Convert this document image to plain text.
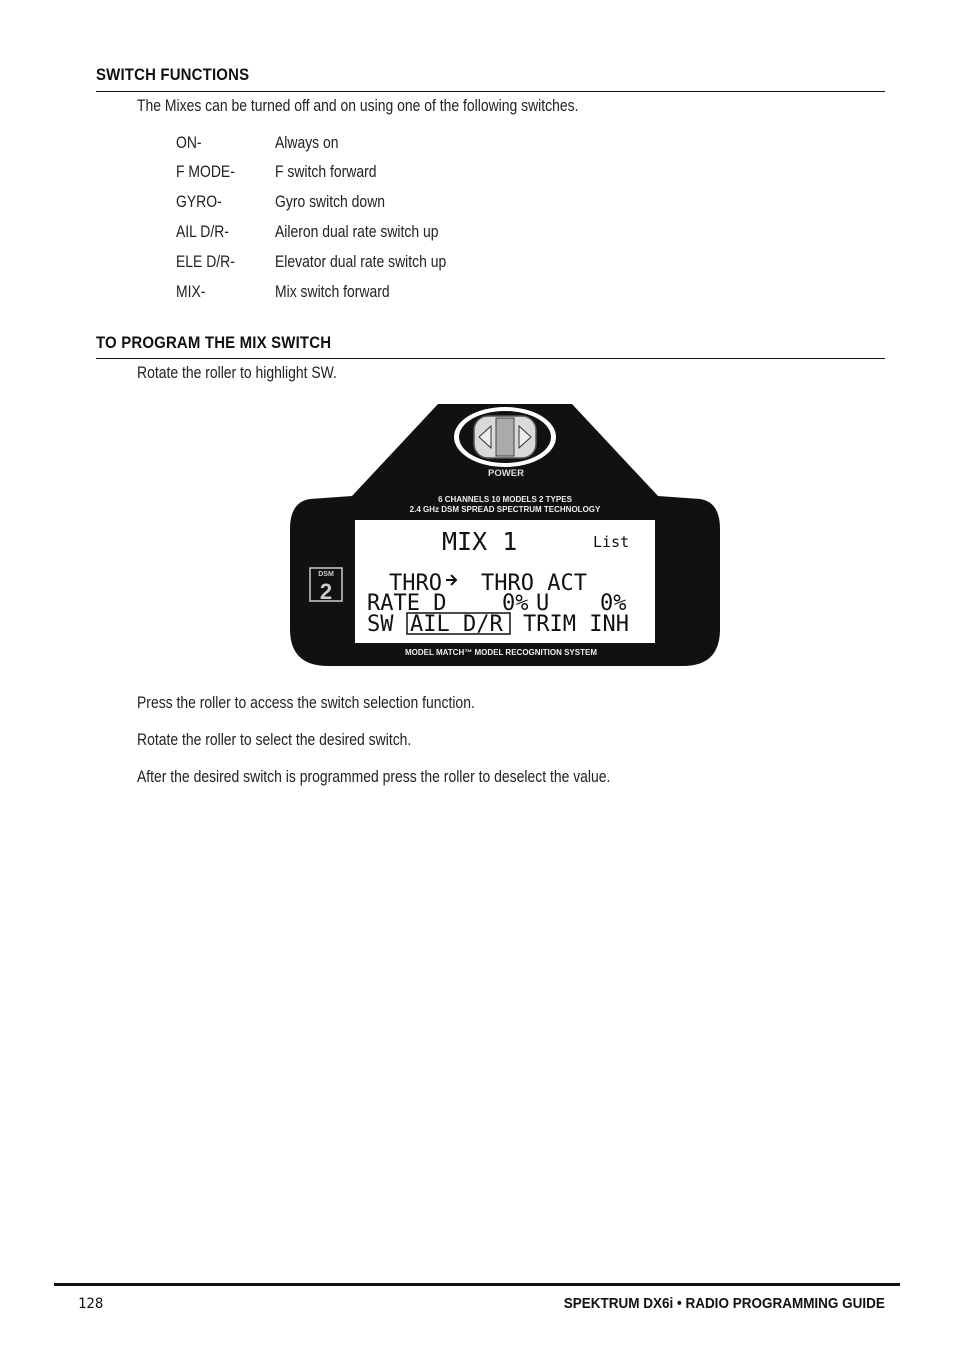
SWITCH FUNCTIONS
The Mixes can be turned off and on using one of the following switches.
ON-	Always on
F MODE- F switch forward
GYRO-	Gyro switch down
AIL D/R-	Aileron dual rate switch up
ELE D/R- Elevator dual rate switch up
MIX-	Mix switch forward
TO PROGRAM THE MIX SWITCH
Rotate the roller to highlight SW.
POWER
6 CHANNELS 10 MODELS 2 TYPES
2.4 GHz DSM SPREAD SPECTRUM TECHNOLOGY
MIX 1	List
THRO THRO ACT
RATE D	0% U 0%
SW AIL D/R TRIM INH
DSM
2
MODEL MATCH™ MODEL RECOGNITION SYSTEM
Press the roller to access the switch selection function.
Rotate the roller to select the desired switch.
After the desired switch is programmed press the roller to deselect the value.
128	SPEKTRUM DX6i • RADIO PROGRAMMING GUIDE
